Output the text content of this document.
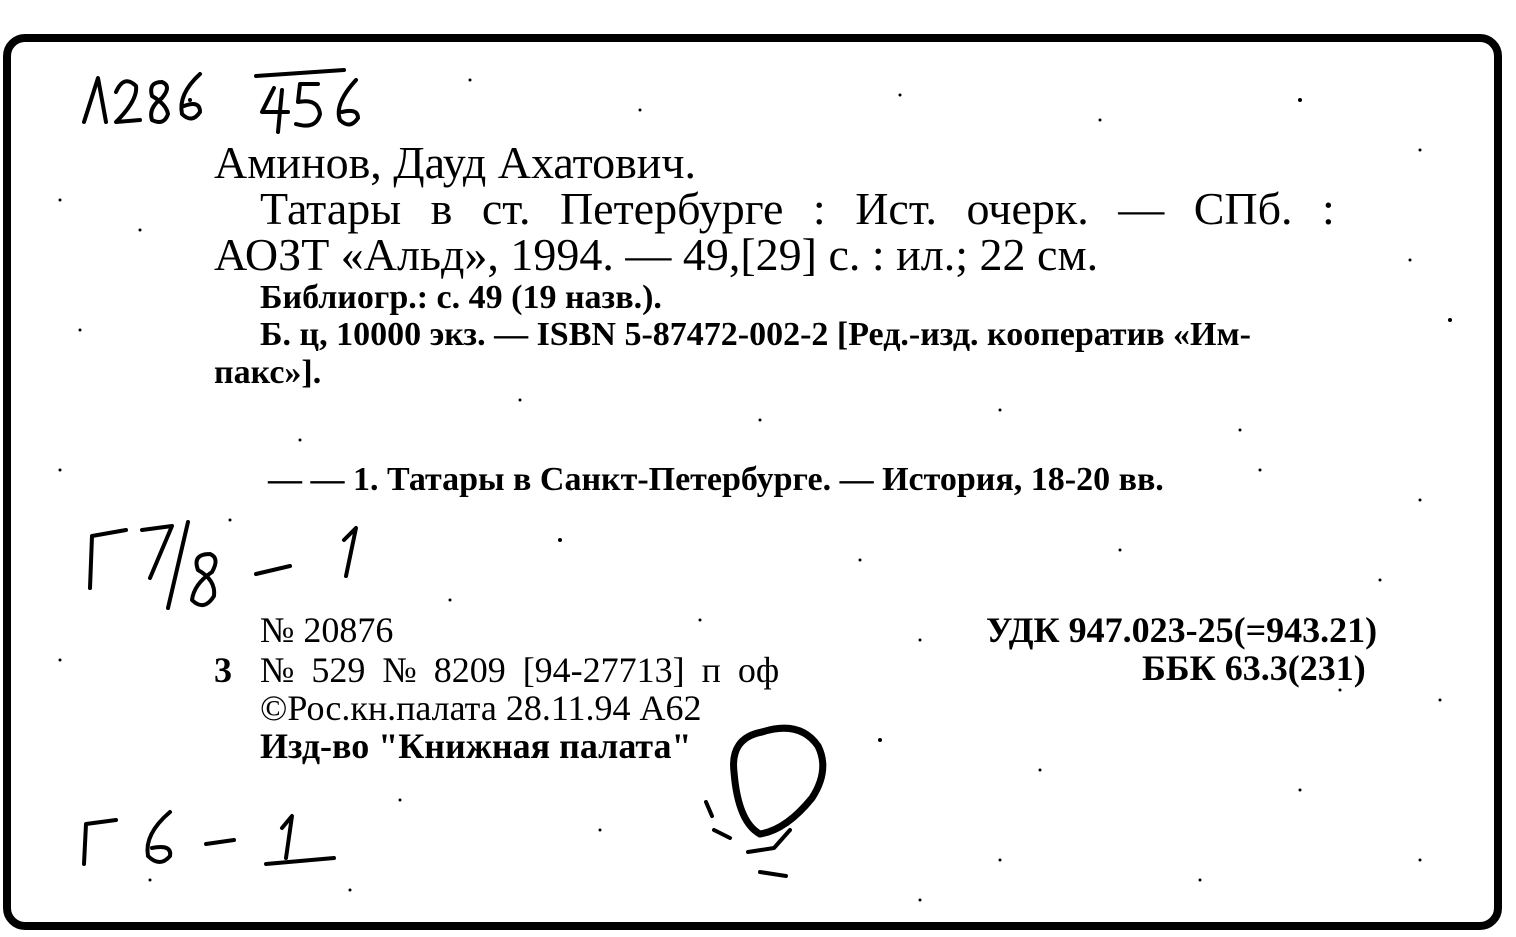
Аминов, Дауд Ахатович.
Татары в ст. Петербурге : Ист. очерк. — СПб. :
АОЗТ «Альд», 1994. — 49,[29] с. : ил.; 22 см.
Библиогр.: с. 49 (19 назв.).
Б. ц, 10000 экз. — ISBN 5-87472-002-2 [Ред.-изд. кооператив «Им-
пакс»].
— — 1. Татары в Санкт-Петербурге. — История, 18-20 вв.
№ 20876	УДК 947.023-25(=943.21)
3 № 529 № 8209 [94-27713] п оф	ББК 63.3(231)
©Рос.кн.палата 28.11.94 А62
Изд-во "Книжная палата"
